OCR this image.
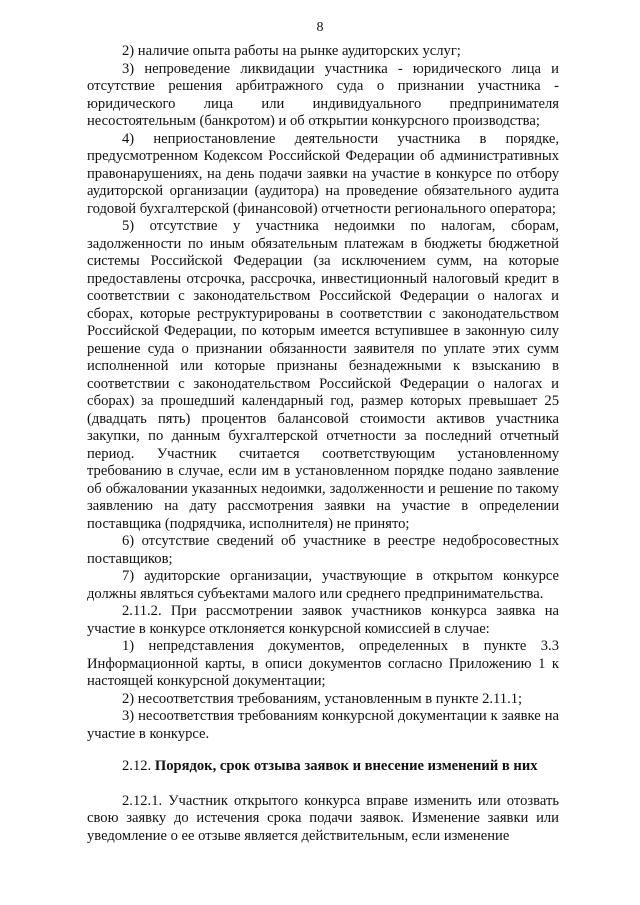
8

2) наличие опыта работы на рынке аудиторских услуг;

3) непроведение ликвидации участника - юридического лица и отсутствие решения арбитражного суда о признании участника - юридического лица или индивидуального предпринимателя несостоятельным (банкротом) и об открытии конкурсного производства;

4) неприостановление деятельности участника в порядке, предусмотренном Кодексом Российской Федерации об административных правонарушениях, на день подачи заявки на участие в конкурсе по отбору аудиторской организации (аудитора) на проведение обязательного аудита годовой бухгалтерской (финансовой) отчетности регионального оператора;

5) отсутствие у участника недоимки по налогам, сборам, задолженности по иным обязательным платежам в бюджеты бюджетной системы Российской Федерации (за исключением сумм, на которые предоставлены отсрочка, рассрочка, инвестиционный налоговый кредит в соответствии с законодательством Российской Федерации о налогах и сборах, которые реструктурированы в соответствии с законодательством Российской Федерации, по которым имеется вступившее в законную силу решение суда о признании обязанности заявителя по уплате этих сумм исполненной или которые признаны безнадежными к взысканию в соответствии с законодательством Российской Федерации о налогах и сборах) за прошедший календарный год, размер которых превышает 25 (двадцать пять) процентов балансовой стоимости активов участника закупки, по данным бухгалтерской отчетности за последний отчетный период. Участник считается соответствующим установленному требованию в случае, если им в установленном порядке подано заявление об обжаловании указанных недоимки, задолженности и решение по такому заявлению на дату рассмотрения заявки на участие в определении поставщика (подрядчика, исполнителя) не принято;

6) отсутствие сведений об участнике в реестре недобросовестных поставщиков;

7) аудиторские организации, участвующие в открытом конкурсе должны являться субъектами малого или среднего предпринимательства.

2.11.2. При рассмотрении заявок участников конкурса заявка на участие в конкурсе отклоняется конкурсной комиссией в случае:

1) непредставления документов, определенных в пункте 3.3 Информационной карты, в описи документов согласно Приложению 1 к настоящей конкурсной документации;

2) несоответствия требованиям, установленным в пункте 2.11.1;

3) несоответствия требованиям конкурсной документации к заявке на участие в конкурсе.

2.12. Порядок, срок отзыва заявок и внесение изменений в них

2.12.1. Участник открытого конкурса вправе изменить или отозвать свою заявку до истечения срока подачи заявок. Изменение заявки или уведомление о ее отзыве является действительным, если изменение
